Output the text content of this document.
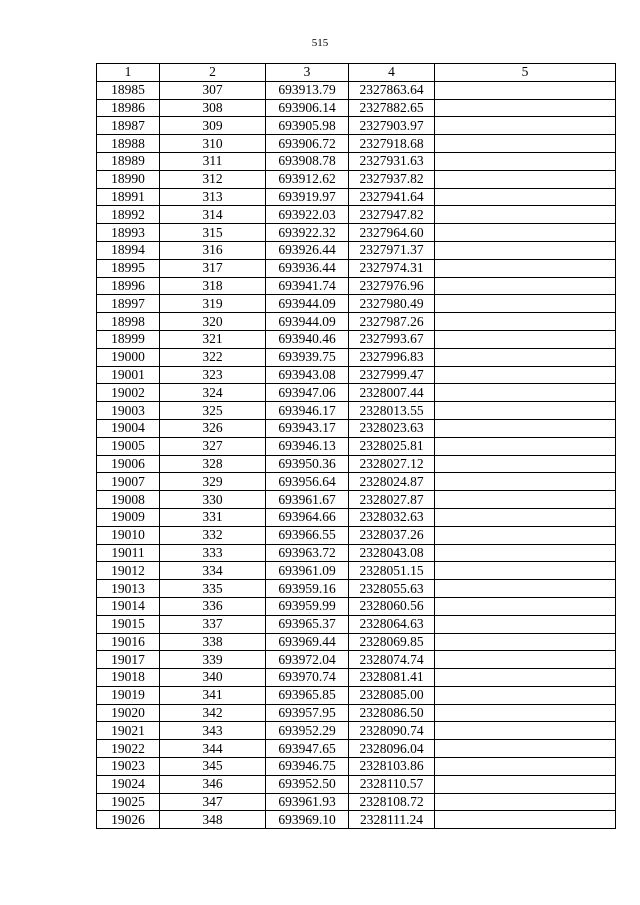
515
1	2	3	4	5
18985	307	693913.79	2327863.64	
18986	308	693906.14	2327882.65	
18987	309	693905.98	2327903.97	
18988	310	693906.72	2327918.68	
18989	311	693908.78	2327931.63	
18990	312	693912.62	2327937.82	
18991	313	693919.97	2327941.64	
18992	314	693922.03	2327947.82	
18993	315	693922.32	2327964.60	
18994	316	693926.44	2327971.37	
18995	317	693936.44	2327974.31	
18996	318	693941.74	2327976.96	
18997	319	693944.09	2327980.49	
18998	320	693944.09	2327987.26	
18999	321	693940.46	2327993.67	
19000	322	693939.75	2327996.83	
19001	323	693943.08	2327999.47	
19002	324	693947.06	2328007.44	
19003	325	693946.17	2328013.55	
19004	326	693943.17	2328023.63	
19005	327	693946.13	2328025.81	
19006	328	693950.36	2328027.12	
19007	329	693956.64	2328024.87	
19008	330	693961.67	2328027.87	
19009	331	693964.66	2328032.63	
19010	332	693966.55	2328037.26	
19011	333	693963.72	2328043.08	
19012	334	693961.09	2328051.15	
19013	335	693959.16	2328055.63	
19014	336	693959.99	2328060.56	
19015	337	693965.37	2328064.63	
19016	338	693969.44	2328069.85	
19017	339	693972.04	2328074.74	
19018	340	693970.74	2328081.41	
19019	341	693965.85	2328085.00	
19020	342	693957.95	2328086.50	
19021	343	693952.29	2328090.74	
19022	344	693947.65	2328096.04	
19023	345	693946.75	2328103.86	
19024	346	693952.50	2328110.57	
19025	347	693961.93	2328108.72	
19026	348	693969.10	2328111.24	
